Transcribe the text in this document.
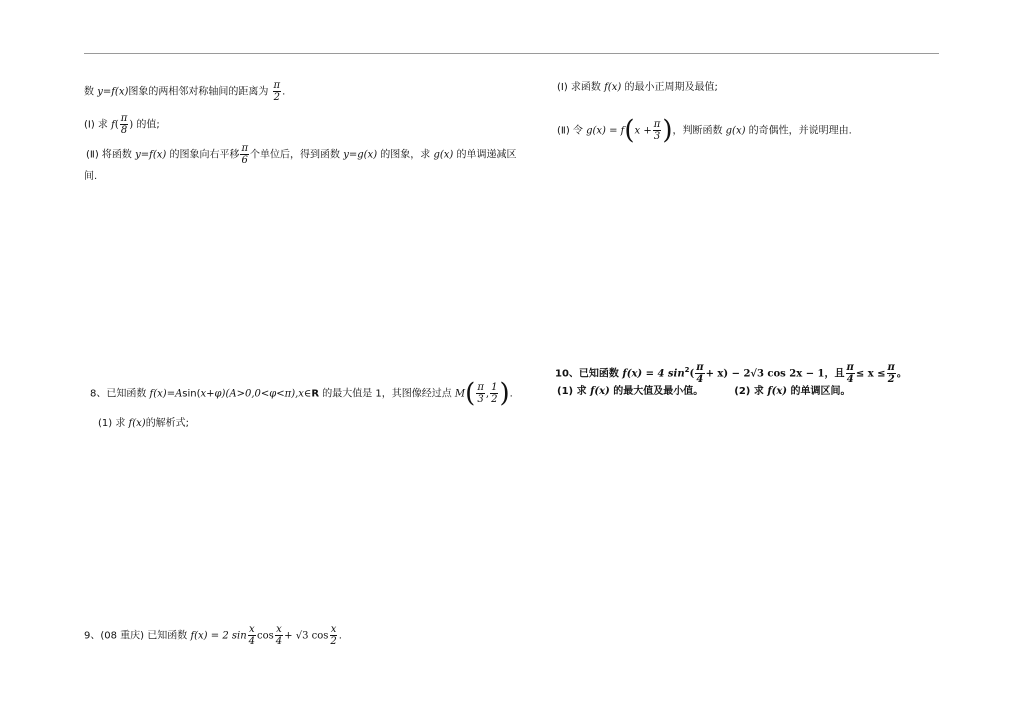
数 y=f(x)图象的两相邻对称轴间的距离为 $\frac{\pi}{2}$ .
(Ⅰ) 求 $f( \frac{\pi}{8}$ ) 的值;
(Ⅱ) 将函数 y=f(x) 的图象向右平移 $\frac{\pi}{6}$ 个单位后，得到函数 y=g(x) 的图象，求 g(x) 的单调递减区
间.
8、已知函数 f(x)=Asin(x+φ)(A>0,0<φ<π),x∈R 的最大值是 1，其图像经过点 $M( \frac{\pi}{3}$ , $\frac{1}{2}$ ).
(1) 求 f(x)的解析式;
9、(08 重庆) 已知函数 f(x) = 2 $\sin \frac{x}{4}$ $\cos \frac{x}{4} + √3$ $\cos \frac{x}{2}$ .
(Ⅰ) 求函数 f(x) 的最小正周期及最值;
(Ⅱ) 令 $g(x) = f(x + \frac{\pi}{3}$ )，判断函数 g(x) 的奇偶性，并说明理由.
10、已知函数 f(x) = 4 $\sin^2( \frac{\pi}{4} + x) - 2√3$ cos 2x − 1，且 $\frac{\pi}{4} \le x \le \frac{\pi}{2}$ 。
(1) 求 f(x) 的最大值及最小值。	(2) 求 f(x) 的单调区间。
